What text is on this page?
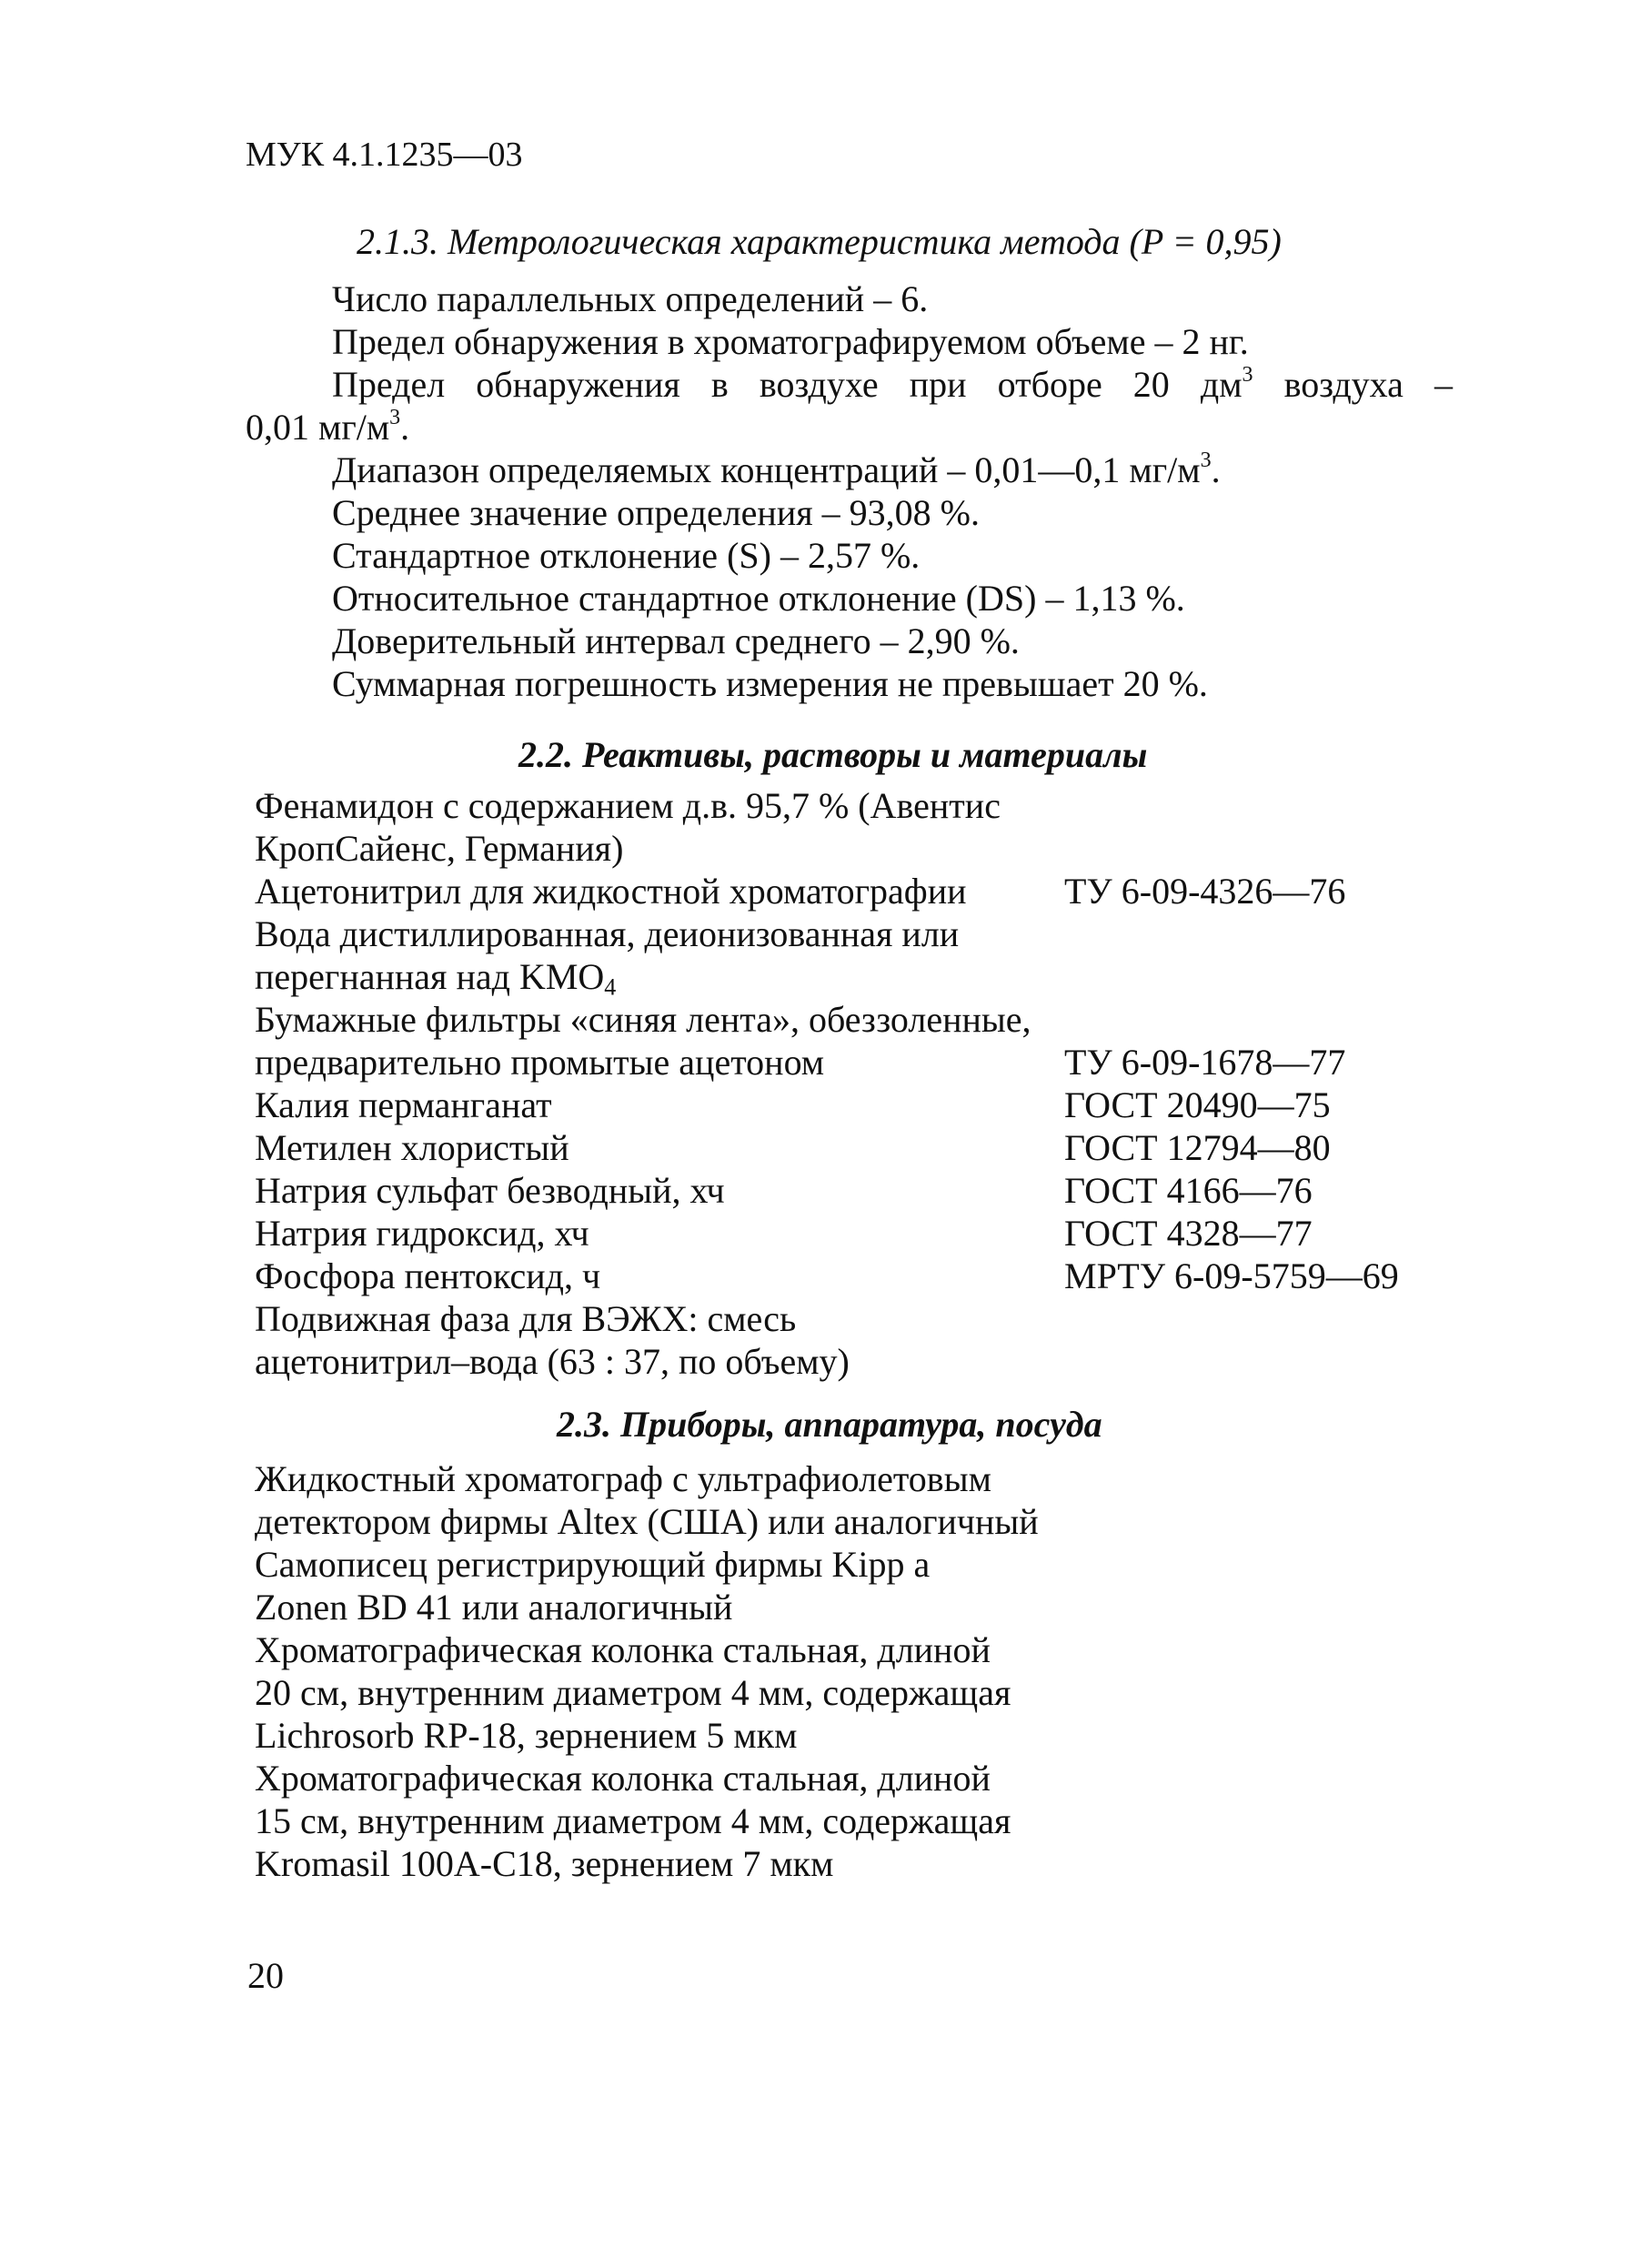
МУК 4.1.1235—03
2.1.3. Метрологическая характеристика метода (P = 0,95)
Число параллельных определений – 6.
Предел обнаружения в хроматографируемом объеме – 2 нг.
Предел обнаружения в воздухе при отборе 20 $дм^3$ воздуха –
0,01 $мг/м^3$.
Диапазон определяемых концентраций – 0,01—0,1 $мг/м^3$.
Среднее значение определения – 93,08 %.
Стандартное отклонение (S) – 2,57 %.
Относительное стандартное отклонение (DS) – 1,13 %.
Доверительный интервал среднего – 2,90 %.
Суммарная погрешность измерения не превышает 20 %.
2.2. Реактивы, растворы и материалы
Фенамидон с содержанием д.в. 95,7 % (Авентис
КропСайенс, Германия)
Ацетонитрил для жидкостной хроматографии	ТУ 6-09-4326—76
Вода дистиллированная, деионизованная или
перегнанная над $KMO_4$
Бумажные фильтры «синяя лента», обеззоленные,
предварительно промытые ацетоном	ТУ 6-09-1678—77
Калия перманганат	ГОСТ 20490—75
Метилен хлористый	ГОСТ 12794—80
Натрия сульфат безводный, хч	ГОСТ 4166—76
Натрия гидроксид, хч	ГОСТ 4328—77
Фосфора пентоксид, ч	МРТУ 6-09-5759—69
Подвижная фаза для ВЭЖХ: смесь
ацетонитрил–вода (63 : 37, по объему)
2.3. Приборы, аппаратура, посуда
Жидкостный хроматограф с ультрафиолетовым
детектором фирмы Altex (США) или аналогичный
Самописец регистрирующий фирмы Kipp a
Zonen BD 41 или аналогичный
Хроматографическая колонка стальная, длиной
20 см, внутренним диаметром 4 мм, содержащая
Lichrosorb RP-18, зернением 5 мкм
Хроматографическая колонка стальная, длиной
15 см, внутренним диаметром 4 мм, содержащая
Kromasil 100A-C18, зернением 7 мкм
20
